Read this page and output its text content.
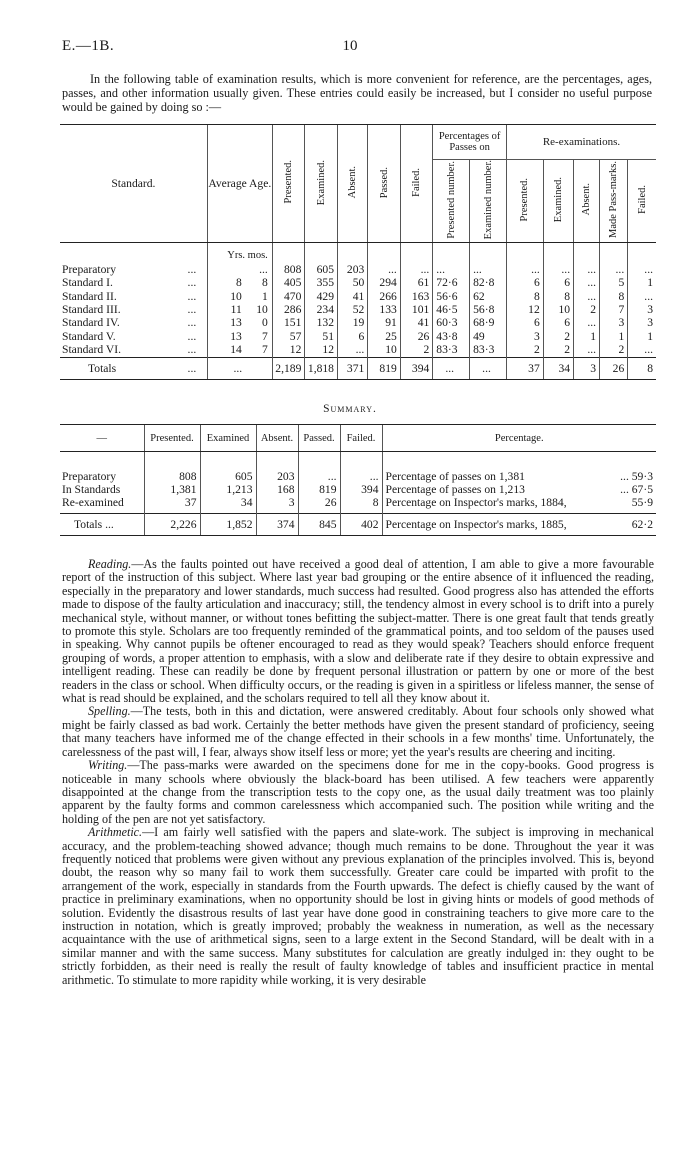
E.—1B.	10
In the following table of examination results, which is more convenient for reference, are the percentages, ages, passes, and other information usually given. These entries could easily be increased, but I consider no useful purpose would be gained by doing so :—
Standard.		Average Age.	Presented.	Examined.	Absent.	Passed.	Failed.	Percentages of Passes on		Re-examinations.				
								Presented number.	Examined number.	Presented.	Examined.	Absent.	Made Pass-marks.	Failed.
		Yrs. mos.												
Preparatory	...	...	808	605	203	...	...	...	...	...	...	...	...	...
Standard I.	...	8 8	405	355	50	294	61	72·6	82·8	6	6	...	5	1
Standard II.	...	10 1	470	429	41	266	163	56·6	62	8	8	...	8	...
Standard III.	...	11 10	286	234	52	133	101	46·5	56·8	12	10	2	7	3
Standard IV.	...	13 0	151	132	19	91	41	60·3	68·9	6	6	...	3	3
Standard V.	...	13 7	57	51	6	25	26	43·8	49	3	2	1	1	1
Standard VI.	...	14 7	12	12	...	10	2	83·3	83·3	2	2	...	2	...
Totals	...	...	2,189	1,818	371	819	394	...	...	37	34	3	26	8
Summary.
—	Presented.	Examined	Absent.	Passed.	Failed.	Percentage.
Preparatory	808	605	203	...	...	Percentage of passes on 1,381 ... 59·3

In Standards	1,381	1,213	168	819	394	Percentage of passes on 1,213 ... 67·5

Re-examined	37	34	3	26	8	Percentage on Inspector's marks, 1884, 55·9

Totals ...	2,226	1,852	374	845	402	Percentage on Inspector's marks, 1885, 62·2

Reading.—As the faults pointed out have received a good deal of attention, I am able to give a more favourable report of the instruction of this subject. Where last year bad grouping or the entire absence of it influenced the reading, especially in the preparatory and lower standards, much success had resulted. Good progress also has attended the efforts made to dispose of the faulty articulation and inaccuracy; still, the tendency almost in every school is to drift into a purely mechanical style, without manner, or without tones befitting the subject-matter. There is one great fault that tends greatly to promote this style. Scholars are too frequently reminded of the grammatical points, and too seldom of the pauses used in speaking. Why cannot pupils be oftener encouraged to read as they would speak? Teachers should enforce frequent grouping of words, a proper attention to emphasis, with a slow and deliberate rate if they desire to obtain expressive and intelligent reading. These can readily be done by frequent personal illustration or pattern by one or more of the best readers in the class or school. When difficulty occurs, or the reading is given in a spiritless or lifeless manner, the sense of what is read should be explained, and the scholars required to tell all they know about it.

Spelling.—The tests, both in this and dictation, were answered creditably. About four schools only showed what might be fairly classed as bad work. Certainly the better methods have given the present standard of proficiency, seeing that many teachers have informed me of the change effected in their schools in a few months' time. Unfortunately, the carelessness of the past will, I fear, always show itself less or more; yet the year's results are cheering and inciting.

Writing.—The pass-marks were awarded on the specimens done for me in the copy-books. Good progress is noticeable in many schools where obviously the black-board has been utilised. A few teachers were apparently disappointed at the change from the transcription tests to the copy one, as the usual daily treatment was too plainly apparent by the faulty forms and common carelessness which accompanied such. The position while writing and the holding of the pen are not yet satisfactory.

Arithmetic.—I am fairly well satisfied with the papers and slate-work. The subject is improving in mechanical accuracy, and the problem-teaching showed advance; though much remains to be done. Throughout the year it was frequently noticed that problems were given without any previous explanation of the principles involved. This is, beyond doubt, the reason why so many fail to work them successfully. Greater care could be imparted with profit to the arrangement of the work, especially in standards from the Fourth upwards. The defect is chiefly caused by the want of practice in preliminary examinations, when no opportunity should be lost in giving hints or models of good methods of solution. Evidently the disastrous results of last year have done good in constraining teachers to give more care to the instruction in notation, which is greatly improved; probably the weakness in numeration, as well as the necessary acquaintance with the use of arithmetical signs, seen to a large extent in the Second Standard, will be dealt with in a similar manner and with the same success. Many substitutes for calculation are greatly indulged in: they ought to be strictly forbidden, as their need is really the result of faulty knowledge of tables and insufficient practice in mental arithmetic. To stimulate to more rapidity while working, it is very desirable
